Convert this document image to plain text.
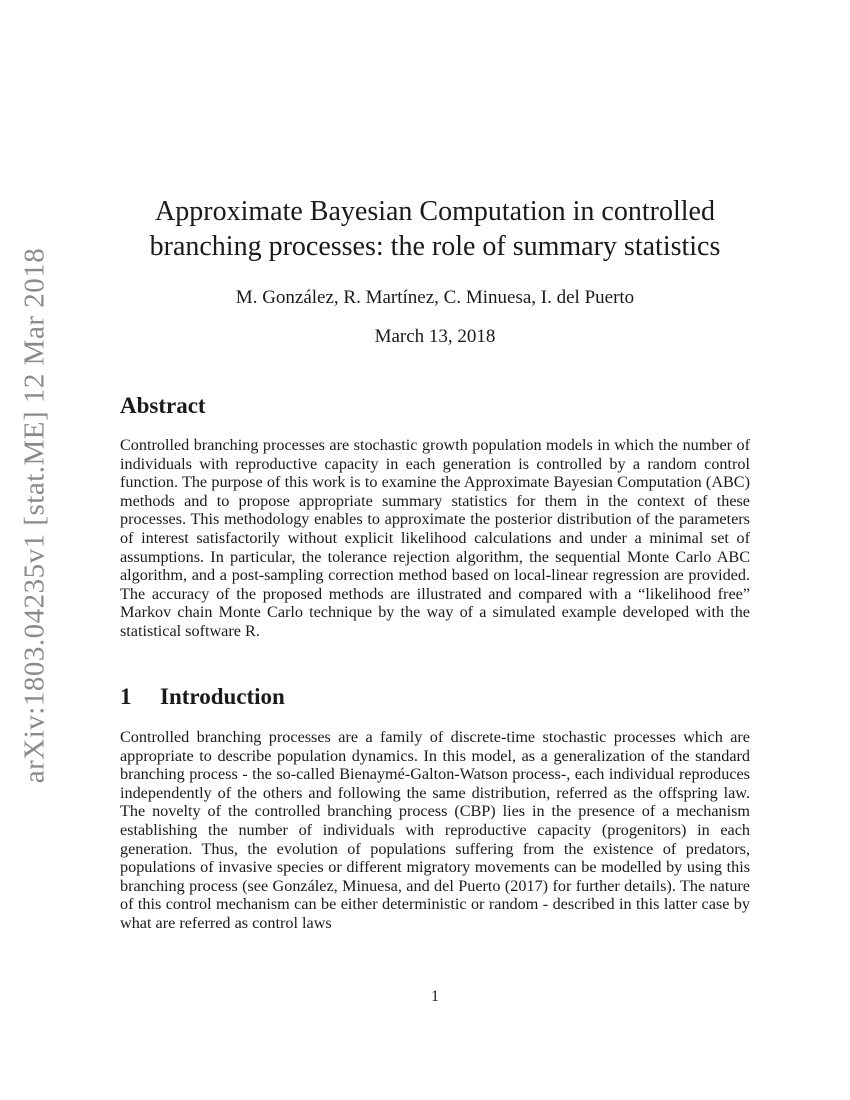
arXiv:1803.04235v1 [stat.ME] 12 Mar 2018
Approximate Bayesian Computation in controlled
branching processes: the role of summary statistics
M. González, R. Martínez, C. Minuesa, I. del Puerto
March 13, 2018
Abstract

Controlled branching processes are stochastic growth population models in which the number of individuals with reproductive capacity in each generation is controlled by a random control function. The purpose of this work is to examine the Approximate Bayesian Computation (ABC) methods and to propose appropriate summary statistics for them in the context of these processes. This methodology enables to approximate the posterior distribution of the parameters of interest satisfactorily without explicit likelihood calculations and under a minimal set of assumptions. In particular, the tolerance rejection algorithm, the sequential Monte Carlo ABC algorithm, and a post-sampling correction method based on local-linear regression are provided. The accuracy of the proposed methods are illustrated and compared with a “likelihood free” Markov chain Monte Carlo technique by the way of a simulated example developed with the statistical software R.

1 Introduction

Controlled branching processes are a family of discrete-time stochastic processes which are appropriate to describe population dynamics. In this model, as a generalization of the standard branching process - the so-called Bienaymé-Galton-Watson process-, each individual reproduces independently of the others and following the same distribution, referred as the offspring law. The novelty of the controlled branching process (CBP) lies in the presence of a mechanism establishing the number of individuals with reproductive capacity (progenitors) in each generation. Thus, the evolution of populations suffering from the existence of predators, populations of invasive species or different migratory movements can be modelled by using this branching process (see González, Minuesa, and del Puerto (2017) for further details). The nature of this control mechanism can be either deterministic or random - described in this latter case by what are referred as control laws

1
